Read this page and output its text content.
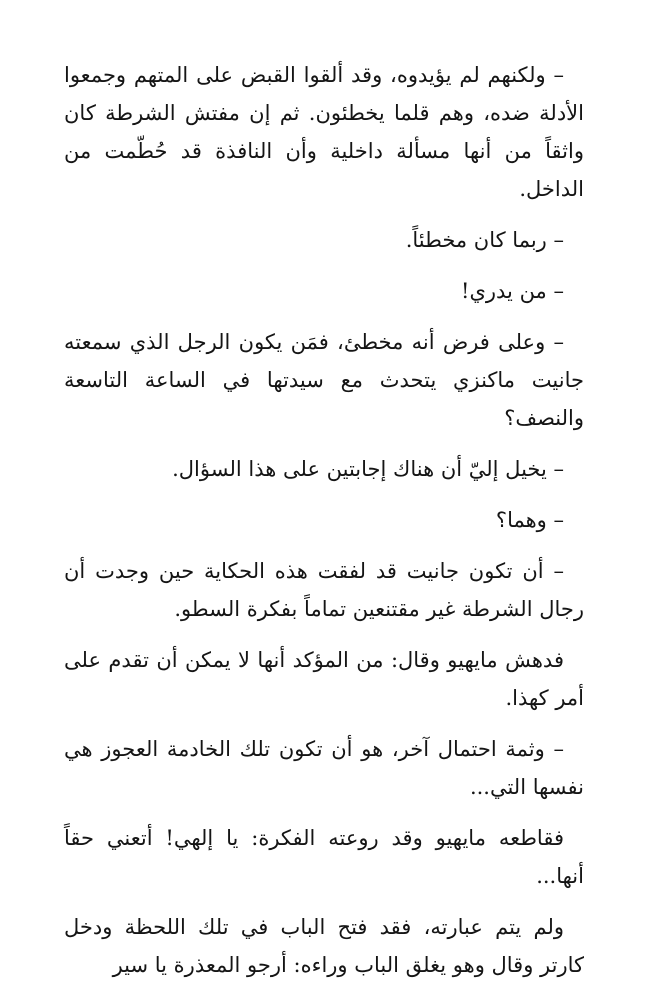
– ولكنهم لم يؤيدوه، وقد ألقوا القبض على المتهم وجمعوا الأدلة ضده، وهم قلما يخطئون. ثم إن مفتش الشرطة كان واثقاً من أنها مسألة داخلية وأن النافذة قد حُطّمت من الداخل.

– ربما كان مخطئاً.

– من يدري!

– وعلى فرض أنه مخطئ، فمَن يكون الرجل الذي سمعته جانيت ماكنزي يتحدث مع سيدتها في الساعة التاسعة والنصف؟

– يخيل إليّ أن هناك إجابتين على هذا السؤال.

– وهما؟

– أن تكون جانيت قد لفقت هذه الحكاية حين وجدت أن رجال الشرطة غير مقتنعين تماماً بفكرة السطو.

فدهش مايهيو وقال: من المؤكد أنها لا يمكن أن تقدم على أمر كهذا.

– وثمة احتمال آخر، هو أن تكون تلك الخادمة العجوز هي نفسها التي...

فقاطعه مايهيو وقد روعته الفكرة: يا إلهي! أتعني حقاً أنها...

ولم يتم عبارته، فقد فتح الباب في تلك اللحظة ودخل كارتر وقال وهو يغلق الباب وراءه: أرجو المعذرة يا سير
